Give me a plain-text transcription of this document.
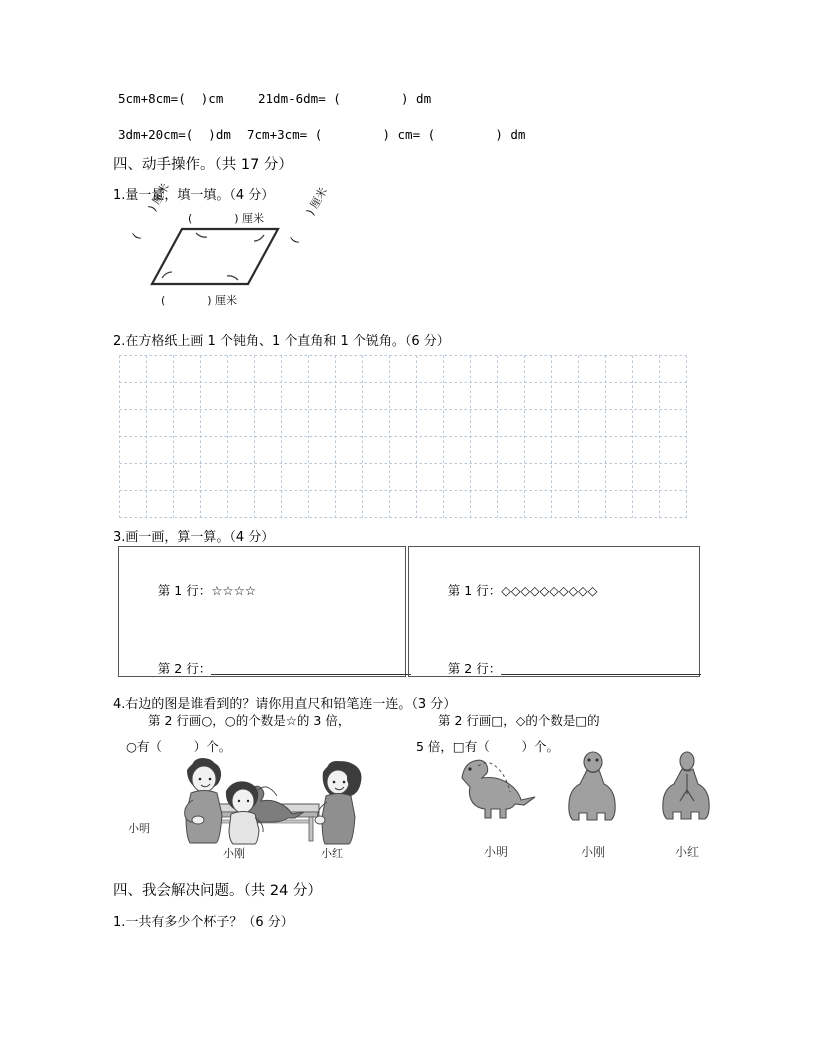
5cm+8cm=(  )cm	21dm-6dm= (        ) dm
3dm+20cm=(  )dm 7cm+3cm= (        ) cm= (        ) dm
四、动手操作。（共 17 分）
1.量一量，填一填。（4 分）
(            ) 厘米
(        ) 厘米	(        ) 厘米
(            ) 厘米
2.在方格纸上画 1 个钝角、1 个直角和 1 个锐角。（6 分）
3.画一画，算一算。（4 分）

第 1 行：☆☆☆☆

第 2 行：

第 2 行画○，○的个数是☆的 3 倍，
○有（        ）个。

第 1 行：◇◇◇◇◇◇◇◇◇◇

第 2 行：

第 2 行画□，◇的个数是□的
5 倍，□有（        ）个。
4.右边的图是谁看到的？请你用直尺和铅笔连一连。（3 分）
小明
小刚	小红	小明	小刚	小红
四、我会解决问题。（共 24 分）
1.一共有多少个杯子？（6 分）
